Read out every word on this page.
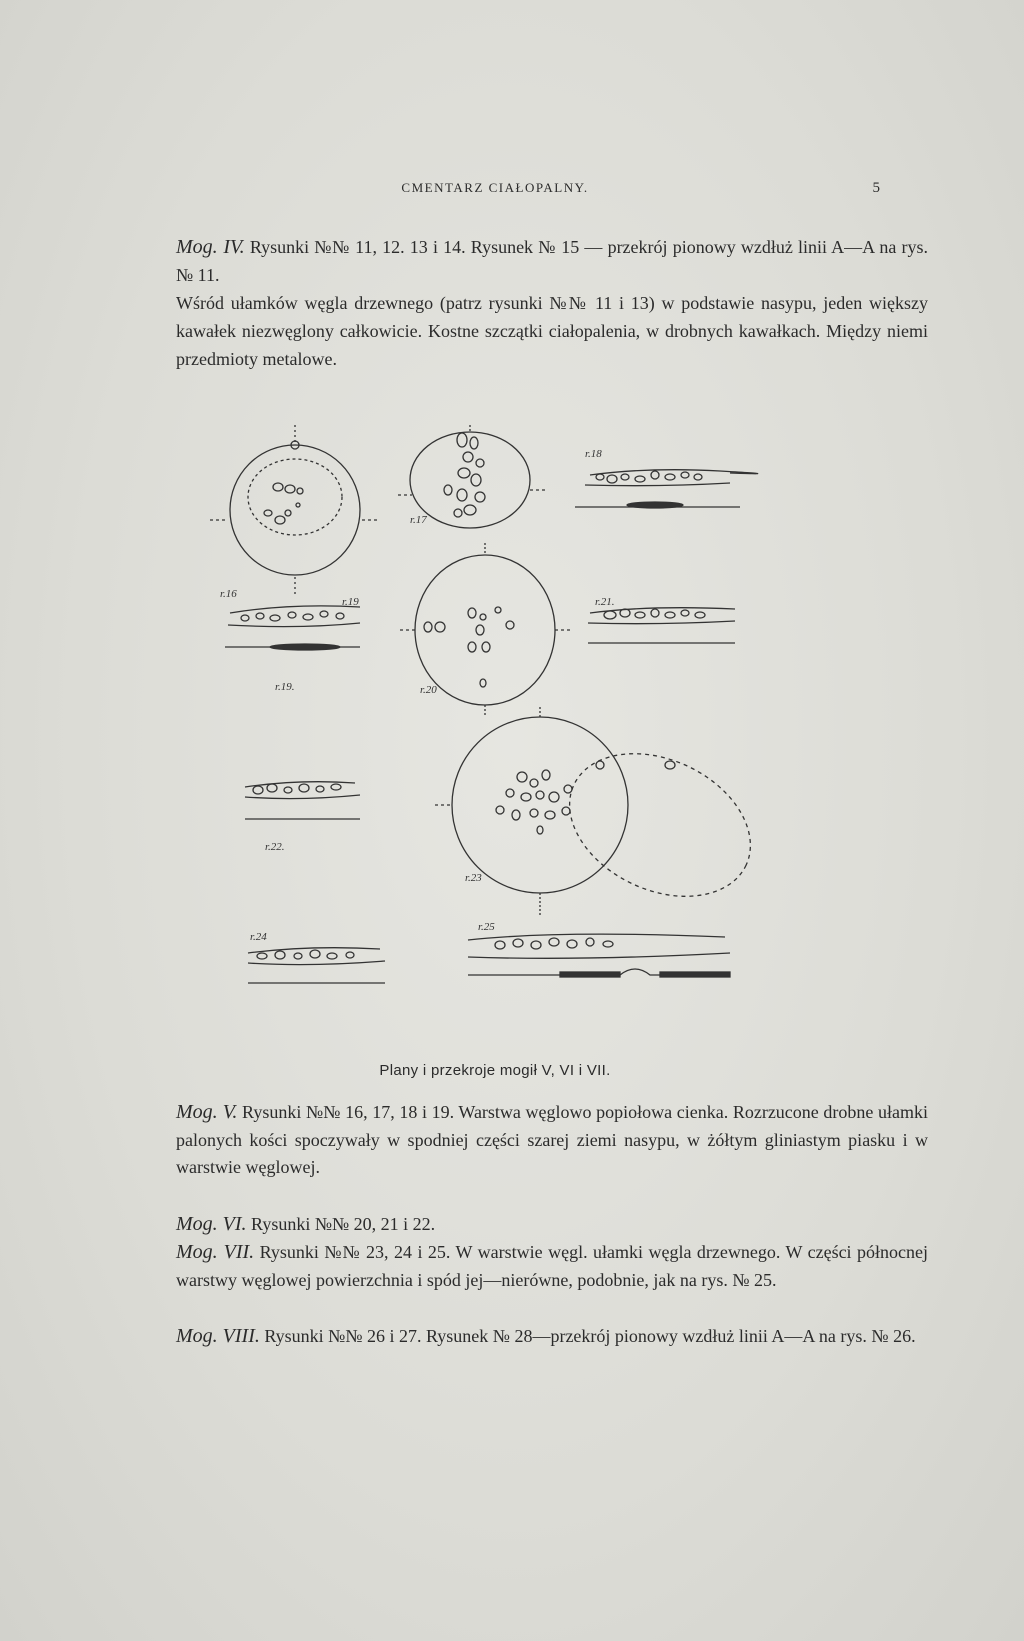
CMENTARZ CIAŁOPALNY.	5

Mog. IV. Rysunki №№ 11, 12. 13 i 14. Rysunek № 15 — przekrój pionowy wzdłuż linii A—A na rys. № 11.

Wśród ułamków węgla drzewnego (patrz rysunki №№ 11 i 13) w podstawie nasypu, jeden większy kawałek niezwęglony całkowicie. Kostne szczątki ciałopalenia, w drobnych kawałkach. Między niemi przedmioty metalowe.

r.16
r.17
r.18
r.19
r.19.	r.20
r.21.
r.22.
r.23
r.24
r.25
Plany i przekroje mogił V, VI i VII.

Mog. V. Rysunki №№ 16, 17, 18 i 19. Warstwa węglowo popiołowa cienka. Rozrzucone drobne ułamki palonych kości spoczywały w spodniej części szarej ziemi nasypu, w żółtym gliniastym piasku i w warstwie węglowej.

Mog. VI. Rysunki №№ 20, 21 i 22.

Mog. VII. Rysunki №№ 23, 24 i 25. W warstwie węgl. ułamki węgla drzewnego. W części północnej warstwy węglowej powierzchnia i spód jej—nierówne, podobnie, jak na rys. № 25.

Mog. VIII. Rysunki №№ 26 i 27. Rysunek № 28—przekrój pionowy wzdłuż linii A—A na rys. № 26.
